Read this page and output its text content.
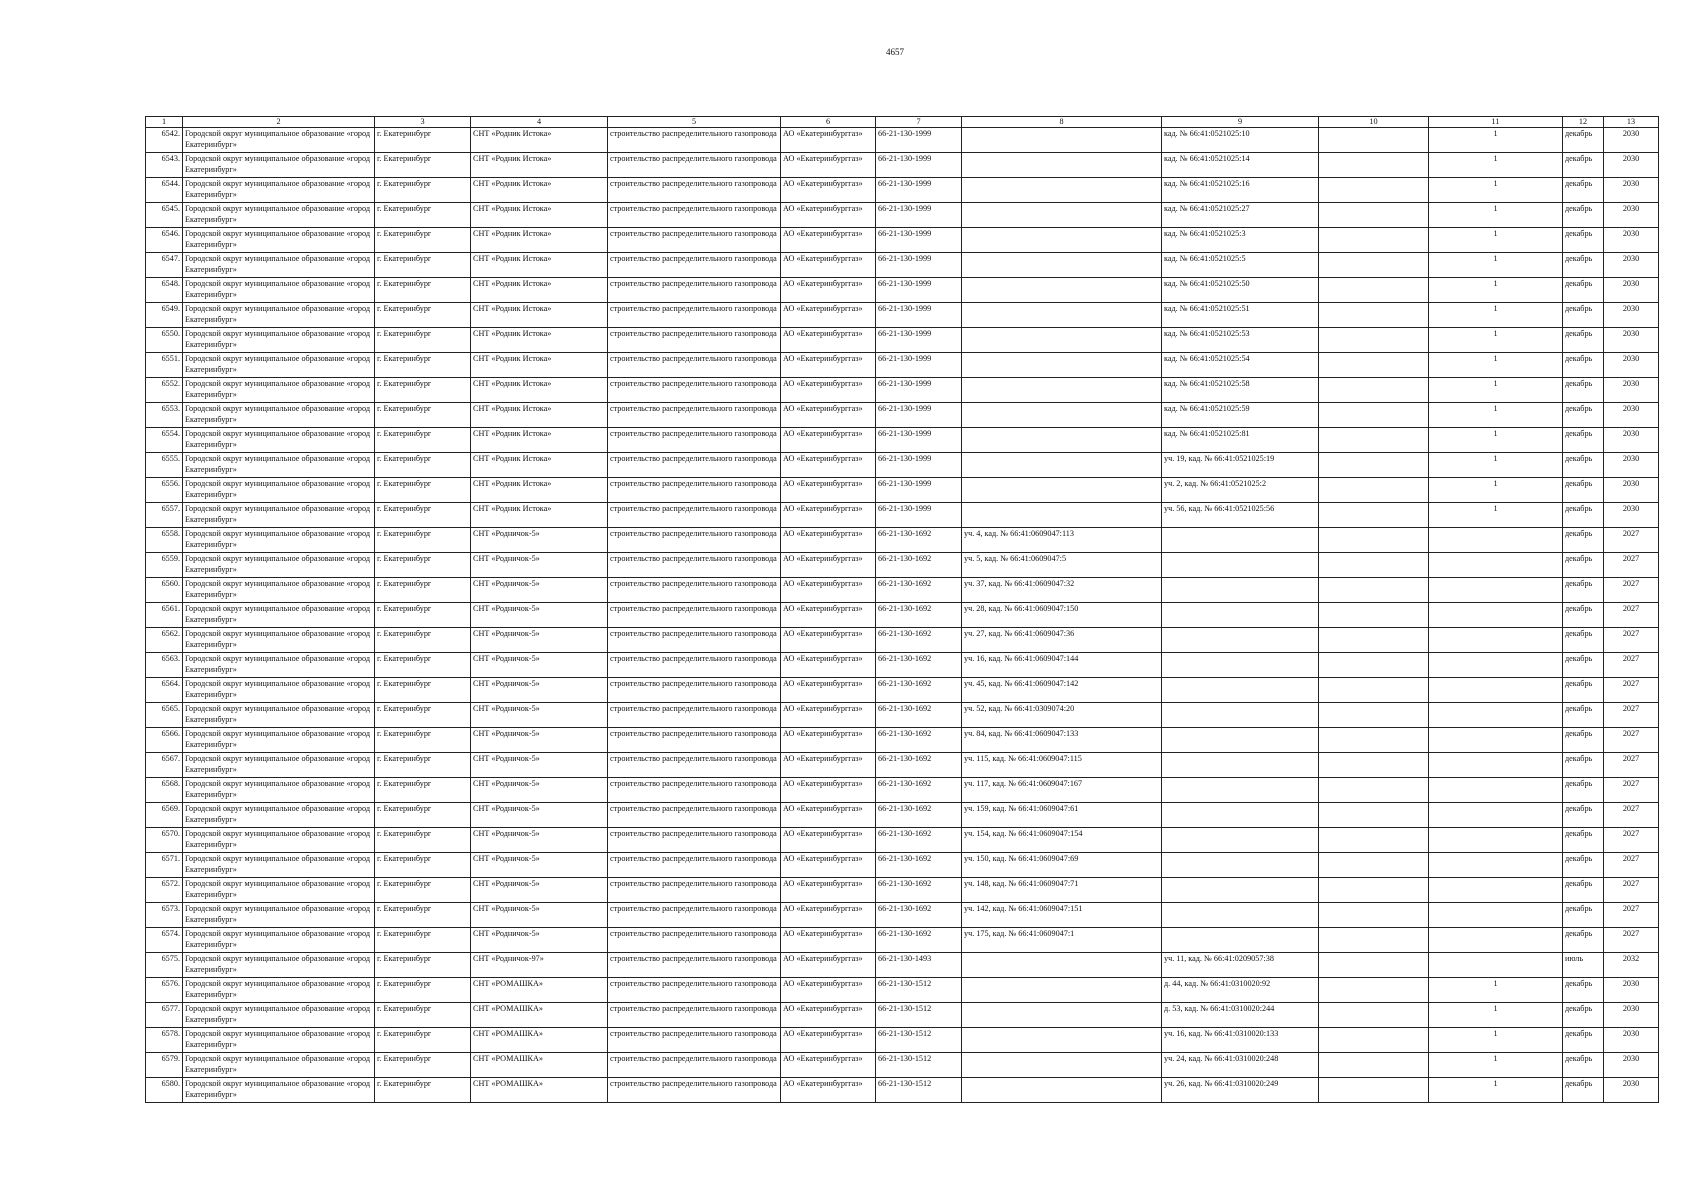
4657
1	2	3	4	5	6	7	8	9	10	11	12	13
6542.	Городской округ муниципальное образование «город Екатеринбург»	г. Екатеринбург	СНТ «Родник Истока»	строительство распределительного газопровода	АО «Екатеринбурггаз»	66-21-130-1999		кад. № 66:41:0521025:10		1	декабрь	2030
6543.	Городской округ муниципальное образование «город Екатеринбург»	г. Екатеринбург	СНТ «Родник Истока»	строительство распределительного газопровода	АО «Екатеринбурггаз»	66-21-130-1999		кад. № 66:41:0521025:14		1	декабрь	2030
6544.	Городской округ муниципальное образование «город Екатеринбург»	г. Екатеринбург	СНТ «Родник Истока»	строительство распределительного газопровода	АО «Екатеринбурггаз»	66-21-130-1999		кад. № 66:41:0521025:16		1	декабрь	2030
6545.	Городской округ муниципальное образование «город Екатеринбург»	г. Екатеринбург	СНТ «Родник Истока»	строительство распределительного газопровода	АО «Екатеринбурггаз»	66-21-130-1999		кад. № 66:41:0521025:27		1	декабрь	2030
6546.	Городской округ муниципальное образование «город Екатеринбург»	г. Екатеринбург	СНТ «Родник Истока»	строительство распределительного газопровода	АО «Екатеринбурггаз»	66-21-130-1999		кад. № 66:41:0521025:3		1	декабрь	2030
6547.	Городской округ муниципальное образование «город Екатеринбург»	г. Екатеринбург	СНТ «Родник Истока»	строительство распределительного газопровода	АО «Екатеринбурггаз»	66-21-130-1999		кад. № 66:41:0521025:5		1	декабрь	2030
6548.	Городской округ муниципальное образование «город Екатеринбург»	г. Екатеринбург	СНТ «Родник Истока»	строительство распределительного газопровода	АО «Екатеринбурггаз»	66-21-130-1999		кад. № 66:41:0521025:50		1	декабрь	2030
6549.	Городской округ муниципальное образование «город Екатеринбург»	г. Екатеринбург	СНТ «Родник Истока»	строительство распределительного газопровода	АО «Екатеринбурггаз»	66-21-130-1999		кад. № 66:41:0521025:51		1	декабрь	2030
6550.	Городской округ муниципальное образование «город Екатеринбург»	г. Екатеринбург	СНТ «Родник Истока»	строительство распределительного газопровода	АО «Екатеринбурггаз»	66-21-130-1999		кад. № 66:41:0521025:53		1	декабрь	2030
6551.	Городской округ муниципальное образование «город Екатеринбург»	г. Екатеринбург	СНТ «Родник Истока»	строительство распределительного газопровода	АО «Екатеринбурггаз»	66-21-130-1999		кад. № 66:41:0521025:54		1	декабрь	2030
6552.	Городской округ муниципальное образование «город Екатеринбург»	г. Екатеринбург	СНТ «Родник Истока»	строительство распределительного газопровода	АО «Екатеринбурггаз»	66-21-130-1999		кад. № 66:41:0521025:58		1	декабрь	2030
6553.	Городской округ муниципальное образование «город Екатеринбург»	г. Екатеринбург	СНТ «Родник Истока»	строительство распределительного газопровода	АО «Екатеринбурггаз»	66-21-130-1999		кад. № 66:41:0521025:59		1	декабрь	2030
6554.	Городской округ муниципальное образование «город Екатеринбург»	г. Екатеринбург	СНТ «Родник Истока»	строительство распределительного газопровода	АО «Екатеринбурггаз»	66-21-130-1999		кад. № 66:41:0521025:81		1	декабрь	2030
6555.	Городской округ муниципальное образование «город Екатеринбург»	г. Екатеринбург	СНТ «Родник Истока»	строительство распределительного газопровода	АО «Екатеринбурггаз»	66-21-130-1999		уч. 19, кад. № 66:41:0521025:19		1	декабрь	2030
6556.	Городской округ муниципальное образование «город Екатеринбург»	г. Екатеринбург	СНТ «Родник Истока»	строительство распределительного газопровода	АО «Екатеринбурггаз»	66-21-130-1999		уч. 2, кад. № 66:41:0521025:2		1	декабрь	2030
6557.	Городской округ муниципальное образование «город Екатеринбург»	г. Екатеринбург	СНТ «Родник Истока»	строительство распределительного газопровода	АО «Екатеринбурггаз»	66-21-130-1999		уч. 56, кад. № 66:41:0521025:56		1	декабрь	2030
6558.	Городской округ муниципальное образование «город Екатеринбург»	г. Екатеринбург	СНТ «Родничок-5»	строительство распределительного газопровода	АО «Екатеринбурггаз»	66-21-130-1692	уч. 4, кад. № 66:41:0609047:113				декабрь	2027
6559.	Городской округ муниципальное образование «город Екатеринбург»	г. Екатеринбург	СНТ «Родничок-5»	строительство распределительного газопровода	АО «Екатеринбурггаз»	66-21-130-1692	уч. 5, кад. № 66:41:0609047:5				декабрь	2027
6560.	Городской округ муниципальное образование «город Екатеринбург»	г. Екатеринбург	СНТ «Родничок-5»	строительство распределительного газопровода	АО «Екатеринбурггаз»	66-21-130-1692	уч. 37, кад. № 66:41:0609047:32				декабрь	2027
6561.	Городской округ муниципальное образование «город Екатеринбург»	г. Екатеринбург	СНТ «Родничок-5»	строительство распределительного газопровода	АО «Екатеринбурггаз»	66-21-130-1692	уч. 28, кад. № 66:41:0609047:150				декабрь	2027
6562.	Городской округ муниципальное образование «город Екатеринбург»	г. Екатеринбург	СНТ «Родничок-5»	строительство распределительного газопровода	АО «Екатеринбурггаз»	66-21-130-1692	уч. 27, кад. № 66:41:0609047:36				декабрь	2027
6563.	Городской округ муниципальное образование «город Екатеринбург»	г. Екатеринбург	СНТ «Родничок-5»	строительство распределительного газопровода	АО «Екатеринбурггаз»	66-21-130-1692	уч. 16, кад. № 66:41:0609047:144				декабрь	2027
6564.	Городской округ муниципальное образование «город Екатеринбург»	г. Екатеринбург	СНТ «Родничок-5»	строительство распределительного газопровода	АО «Екатеринбурггаз»	66-21-130-1692	уч. 45, кад. № 66:41:0609047:142				декабрь	2027
6565.	Городской округ муниципальное образование «город Екатеринбург»	г. Екатеринбург	СНТ «Родничок-5»	строительство распределительного газопровода	АО «Екатеринбурггаз»	66-21-130-1692	уч. 52, кад. № 66:41:0309074:20				декабрь	2027
6566.	Городской округ муниципальное образование «город Екатеринбург»	г. Екатеринбург	СНТ «Родничок-5»	строительство распределительного газопровода	АО «Екатеринбурггаз»	66-21-130-1692	уч. 84, кад. № 66:41:0609047:133				декабрь	2027
6567.	Городской округ муниципальное образование «город Екатеринбург»	г. Екатеринбург	СНТ «Родничок-5»	строительство распределительного газопровода	АО «Екатеринбурггаз»	66-21-130-1692	уч. 115, кад. № 66:41:0609047:115				декабрь	2027
6568.	Городской округ муниципальное образование «город Екатеринбург»	г. Екатеринбург	СНТ «Родничок-5»	строительство распределительного газопровода	АО «Екатеринбурггаз»	66-21-130-1692	уч. 117, кад. № 66:41:0609047:167				декабрь	2027
6569.	Городской округ муниципальное образование «город Екатеринбург»	г. Екатеринбург	СНТ «Родничок-5»	строительство распределительного газопровода	АО «Екатеринбурггаз»	66-21-130-1692	уч. 159, кад. № 66:41:0609047:61				декабрь	2027
6570.	Городской округ муниципальное образование «город Екатеринбург»	г. Екатеринбург	СНТ «Родничок-5»	строительство распределительного газопровода	АО «Екатеринбурггаз»	66-21-130-1692	уч. 154, кад. № 66:41:0609047:154				декабрь	2027
6571.	Городской округ муниципальное образование «город Екатеринбург»	г. Екатеринбург	СНТ «Родничок-5»	строительство распределительного газопровода	АО «Екатеринбурггаз»	66-21-130-1692	уч. 150, кад. № 66:41:0609047:69				декабрь	2027
6572.	Городской округ муниципальное образование «город Екатеринбург»	г. Екатеринбург	СНТ «Родничок-5»	строительство распределительного газопровода	АО «Екатеринбурггаз»	66-21-130-1692	уч. 148, кад. № 66:41:0609047:71				декабрь	2027
6573.	Городской округ муниципальное образование «город Екатеринбург»	г. Екатеринбург	СНТ «Родничок-5»	строительство распределительного газопровода	АО «Екатеринбурггаз»	66-21-130-1692	уч. 142, кад. № 66:41:0609047:151				декабрь	2027
6574.	Городской округ муниципальное образование «город Екатеринбург»	г. Екатеринбург	СНТ «Родничок-5»	строительство распределительного газопровода	АО «Екатеринбурггаз»	66-21-130-1692	уч. 175, кад. № 66:41:0609047:1				декабрь	2027
6575.	Городской округ муниципальное образование «город Екатеринбург»	г. Екатеринбург	СНТ «Родничок-97»	строительство распределительного газопровода	АО «Екатеринбурггаз»	66-21-130-1493		уч. 11, кад. № 66:41:0209057:38			июль	2032
6576.	Городской округ муниципальное образование «город Екатеринбург»	г. Екатеринбург	СНТ «РОМАШКА»	строительство распределительного газопровода	АО «Екатеринбурггаз»	66-21-130-1512		д. 44, кад. № 66:41:0310020:92		1	декабрь	2030
6577.	Городской округ муниципальное образование «город Екатеринбург»	г. Екатеринбург	СНТ «РОМАШКА»	строительство распределительного газопровода	АО «Екатеринбурггаз»	66-21-130-1512		д. 53, кад. № 66:41:0310020:244		1	декабрь	2030
6578.	Городской округ муниципальное образование «город Екатеринбург»	г. Екатеринбург	СНТ «РОМАШКА»	строительство распределительного газопровода	АО «Екатеринбурггаз»	66-21-130-1512		уч. 16, кад. № 66:41:0310020:133		1	декабрь	2030
6579.	Городской округ муниципальное образование «город Екатеринбург»	г. Екатеринбург	СНТ «РОМАШКА»	строительство распределительного газопровода	АО «Екатеринбурггаз»	66-21-130-1512		уч. 24, кад. № 66:41:0310020:248		1	декабрь	2030
6580.	Городской округ муниципальное образование «город Екатеринбург»	г. Екатеринбург	СНТ «РОМАШКА»	строительство распределительного газопровода	АО «Екатеринбурггаз»	66-21-130-1512		уч. 26, кад. № 66:41:0310020:249		1	декабрь	2030
